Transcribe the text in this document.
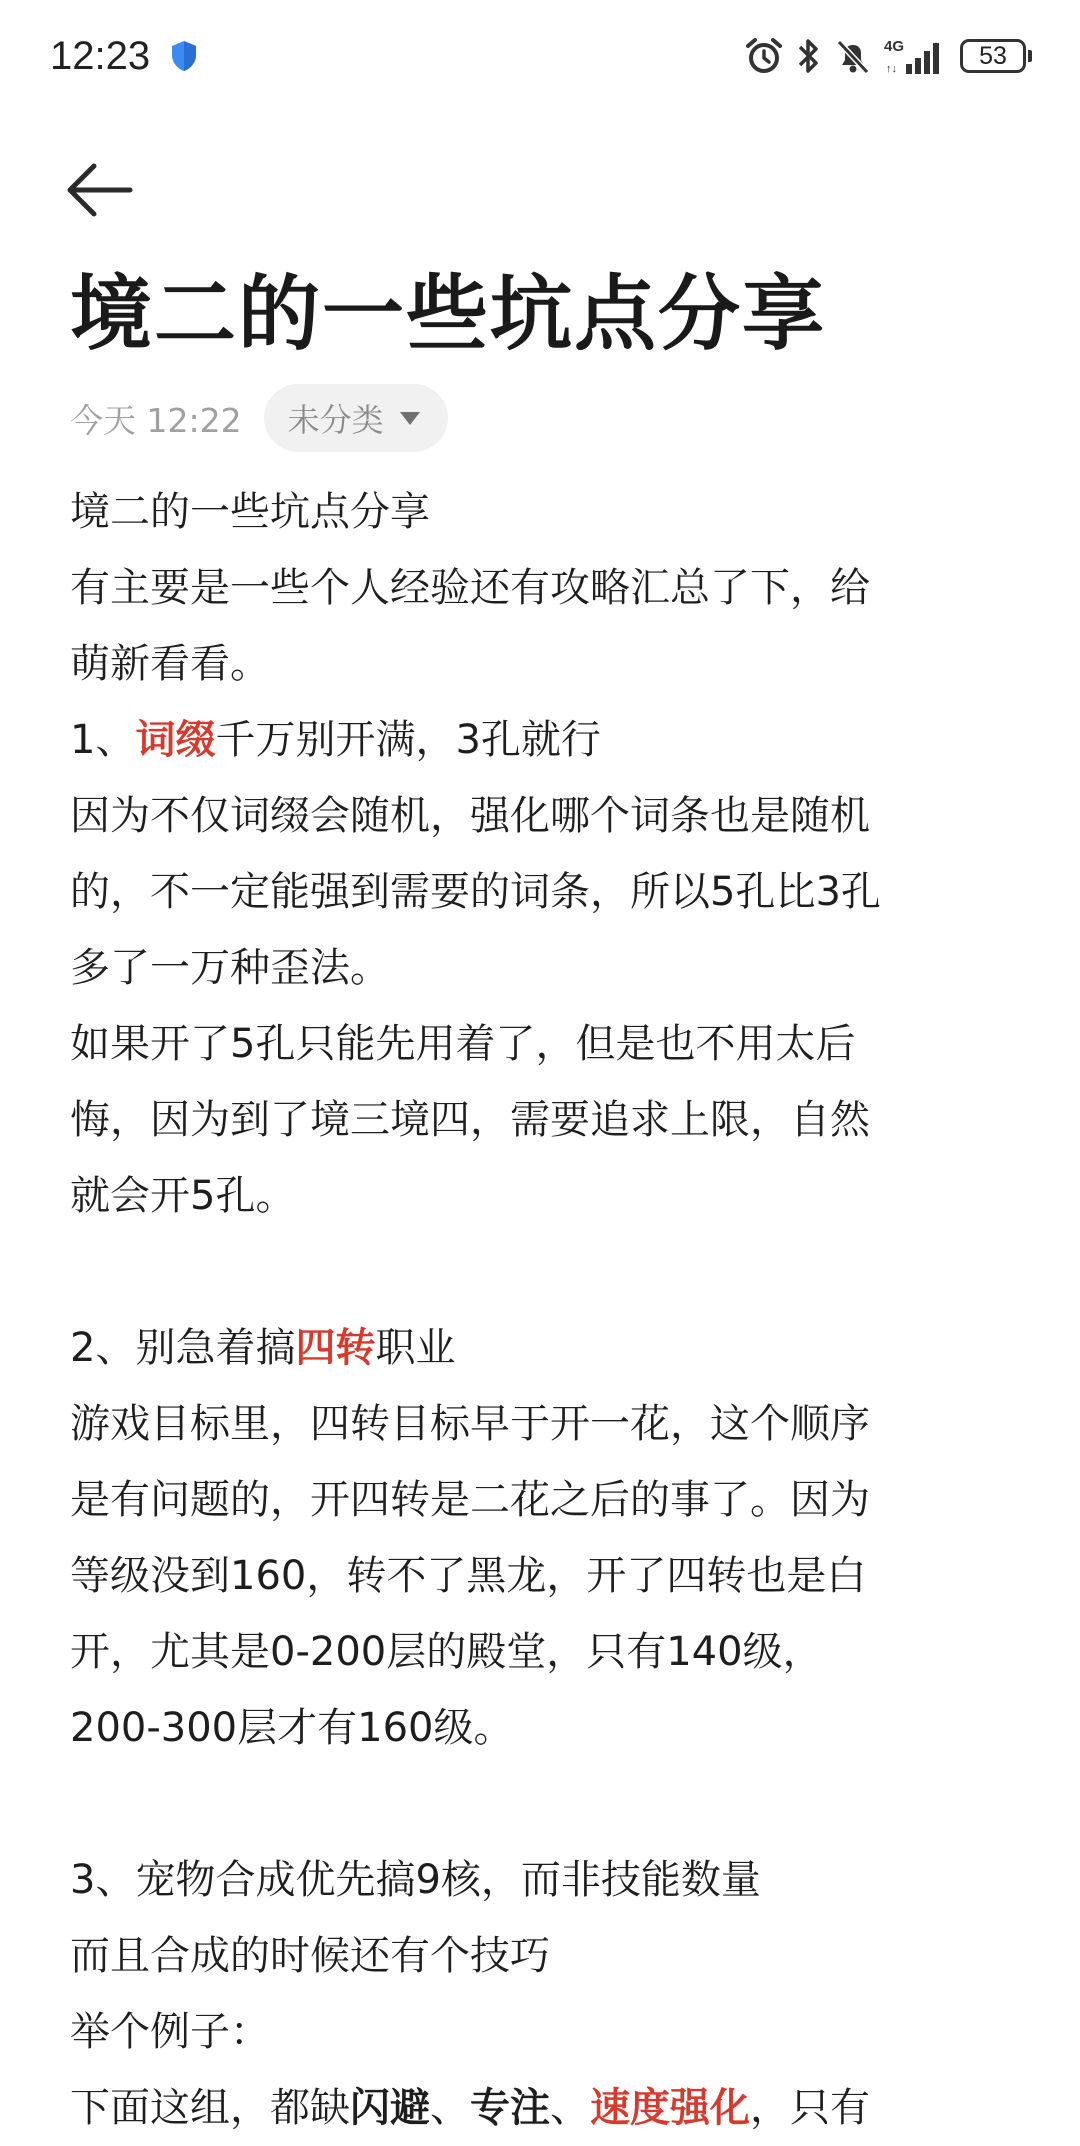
12:23	4G
↑↓	53
境二的一些坑点分享
今天 12:22 未分类

境二的一些坑点分享

有主要是一些个人经验还有攻略汇总了下，给

萌新看看。

1、词缀千万别开满，3孔就行

因为不仅词缀会随机，强化哪个词条也是随机

的，不一定能强到需要的词条，所以5孔比3孔

多了一万种歪法。

如果开了5孔只能先用着了，但是也不用太后

悔，因为到了境三境四，需要追求上限，自然

就会开5孔。

2、别急着搞四转职业

游戏目标里，四转目标早于开一花，这个顺序

是有问题的，开四转是二花之后的事了。因为

等级没到160，转不了黑龙，开了四转也是白

开，尤其是0-200层的殿堂，只有140级，

200-300层才有160级。

3、宠物合成优先搞9核，而非技能数量

而且合成的时候还有个技巧

举个例子：

下面这组，都缺闪避、专注、速度强化，只有
